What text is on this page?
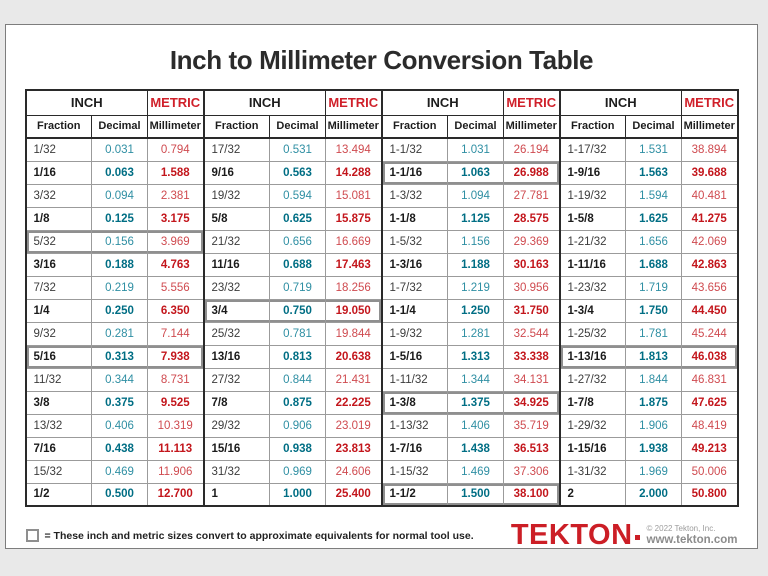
Inch to Millimeter Conversion Table
INCH		METRIC	INCH		METRIC	INCH		METRIC	INCH		METRIC
Fraction	Decimal	Millimeter	Fraction	Decimal	Millimeter	Fraction	Decimal	Millimeter	Fraction	Decimal	Millimeter
1/32	0.031	0.794	17/32	0.531	13.494	1-1/32	1.031	26.194	1-17/32	1.531	38.894
1/16	0.063	1.588	9/16	0.563	14.288	1-1/16	1.063	26.988	1-9/16	1.563	39.688
3/32	0.094	2.381	19/32	0.594	15.081	1-3/32	1.094	27.781	1-19/32	1.594	40.481
1/8	0.125	3.175	5/8	0.625	15.875	1-1/8	1.125	28.575	1-5/8	1.625	41.275
5/32	0.156	3.969	21/32	0.656	16.669	1-5/32	1.156	29.369	1-21/32	1.656	42.069
3/16	0.188	4.763	11/16	0.688	17.463	1-3/16	1.188	30.163	1-11/16	1.688	42.863
7/32	0.219	5.556	23/32	0.719	18.256	1-7/32	1.219	30.956	1-23/32	1.719	43.656
1/4	0.250	6.350	3/4	0.750	19.050	1-1/4	1.250	31.750	1-3/4	1.750	44.450
9/32	0.281	7.144	25/32	0.781	19.844	1-9/32	1.281	32.544	1-25/32	1.781	45.244
5/16	0.313	7.938	13/16	0.813	20.638	1-5/16	1.313	33.338	1-13/16	1.813	46.038
11/32	0.344	8.731	27/32	0.844	21.431	1-11/32	1.344	34.131	1-27/32	1.844	46.831
3/8	0.375	9.525	7/8	0.875	22.225	1-3/8	1.375	34.925	1-7/8	1.875	47.625
13/32	0.406	10.319	29/32	0.906	23.019	1-13/32	1.406	35.719	1-29/32	1.906	48.419
7/16	0.438	11.113	15/16	0.938	23.813	1-7/16	1.438	36.513	1-15/16	1.938	49.213
15/32	0.469	11.906	31/32	0.969	24.606	1-15/32	1.469	37.306	1-31/32	1.969	50.006
1/2	0.500	12.700	1	1.000	25.400	1-1/2	1.500	38.100	2	2.000	50.800
= These inch and metric sizes convert to approximate equivalents for normal tool use. TEKTON © 2022 Tekton, Inc.
www.tekton.com
